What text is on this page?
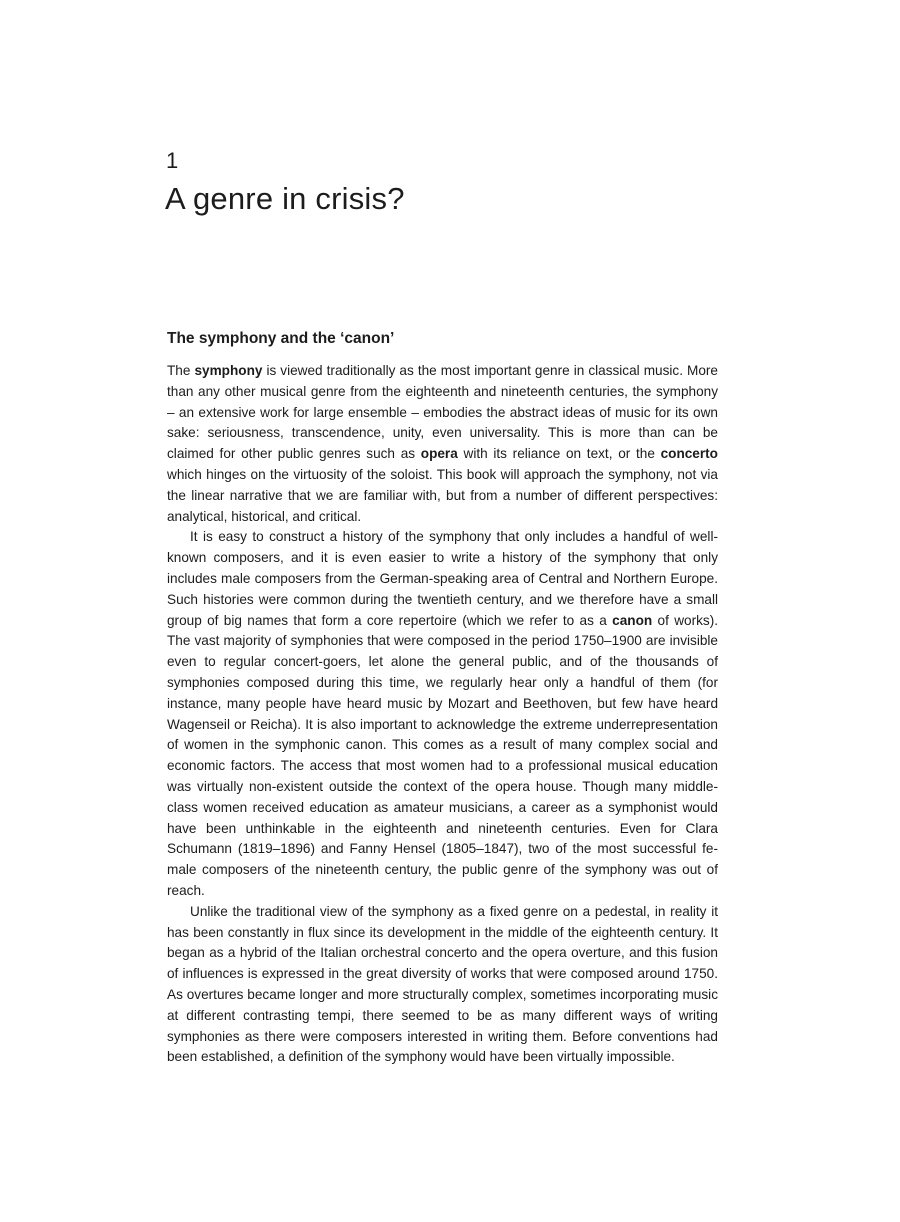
1
A genre in crisis?
The symphony and the ‘canon’

The symphony is viewed traditionally as the most important genre in classical music. More than any other musical genre from the eighteenth and nineteenth centuries, the symphony – an extensive work for large ensemble – embodies the abstract ideas of music for its own sake: seriousness, transcendence, unity, even universality. This is more than can be claimed for other public genres such as opera with its reliance on text, or the concerto which hinges on the virtuosity of the soloist. This book will approach the symphony, not via the linear narrative that we are familiar with, but from a number of different perspectives: analytical, historical, and critical.

It is easy to construct a history of the symphony that only includes a handful of well-known composers, and it is even easier to write a history of the symphony that only includes male composers from the German-speaking area of Central and Northern Europe. Such histories were common during the twentieth century, and we therefore have a small group of big names that form a core repertoire (which we refer to as a canon of works). The vast majority of symphonies that were composed in the period 1750–1900 are invisible even to regular concert-goers, let alone the general public, and of the thousands of symphonies composed during this time, we regularly hear only a handful of them (for instance, many people have heard music by Mozart and Beethoven, but few have heard Wagenseil or Reicha). It is also important to acknowledge the extreme underrepresentation of women in the symphonic canon. This comes as a result of many complex social and economic factors. The access that most women had to a professional musical education was virtually non-existent outside the context of the opera house. Though many middle-class women received education as amateur musicians, a career as a symphonist would have been unthinkable in the eighteenth and nineteenth centuries. Even for Clara Schumann (1819–1896) and Fanny Hensel (1805–1847), two of the most successful female composers of the nineteenth century, the public genre of the symphony was out of reach.

Unlike the traditional view of the symphony as a fixed genre on a pedestal, in reality it has been constantly in flux since its development in the middle of the eighteenth century. It began as a hybrid of the Italian orchestral concerto and the opera overture, and this fusion of influences is expressed in the great diversity of works that were composed around 1750. As overtures became longer and more structurally complex, sometimes incorporating music at different contrasting tempi, there seemed to be as many different ways of writing symphonies as there were composers interested in writing them. Before conventions had been established, a definition of the symphony would have been virtually impossible.
